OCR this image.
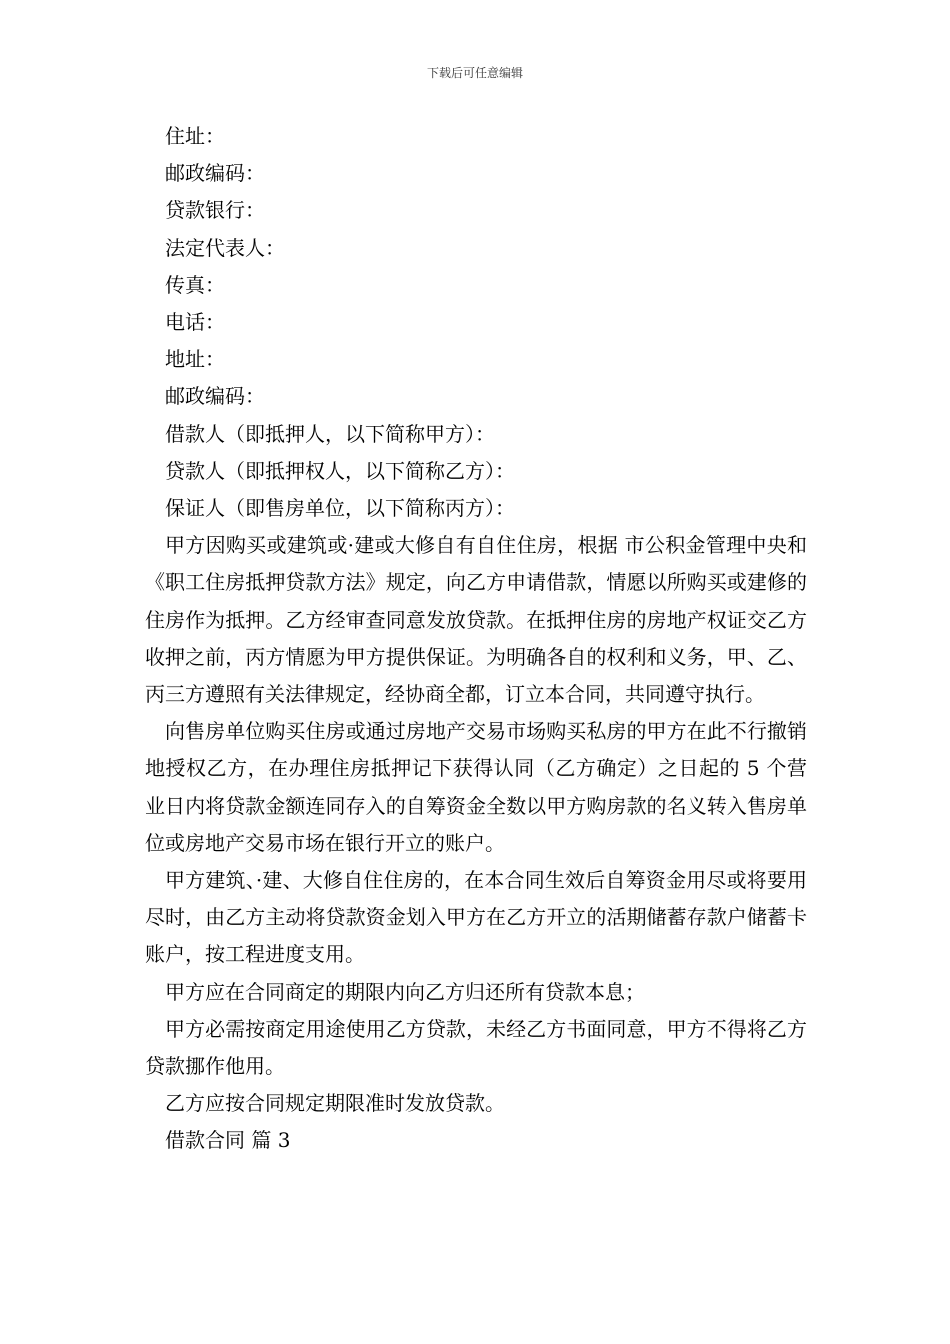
下载后可任意编辑

住址：

邮政编码：

贷款银行：

法定代表人：

传真：

电话：

地址：

邮政编码：

借款人（即抵押人，以下简称甲方）：

贷款人（即抵押权人，以下简称乙方）：

保证人（即售房单位，以下简称丙方）：

甲方因购买或建筑或·建或大修自有自住住房，根据 市公积金管理中央和《职工住房抵押贷款方法》规定，向乙方申请借款，情愿以所购买或建修的住房作为抵押。乙方经审查同意发放贷款。在抵押住房的房地产权证交乙方收押之前，丙方情愿为甲方提供保证。为明确各自的权利和义务，甲、乙、丙三方遵照有关法律规定，经协商全都，订立本合同，共同遵守执行。

向售房单位购买住房或通过房地产交易市场购买私房的甲方在此不行撤销地授权乙方，在办理住房抵押记下获得认同（乙方确定）之日起的 5 个营业日内将贷款金额连同存入的自筹资金全数以甲方购房款的名义转入售房单位或房地产交易市场在银行开立的账户。

甲方建筑、·建、大修自住住房的，在本合同生效后自筹资金用尽或将要用尽时，由乙方主动将贷款资金划入甲方在乙方开立的活期储蓄存款户储蓄卡账户，按工程进度支用。

甲方应在合同商定的期限内向乙方归还所有贷款本息；

甲方必需按商定用途使用乙方贷款，未经乙方书面同意，甲方不得将乙方贷款挪作他用。

乙方应按合同规定期限准时发放贷款。

借款合同 篇 3
